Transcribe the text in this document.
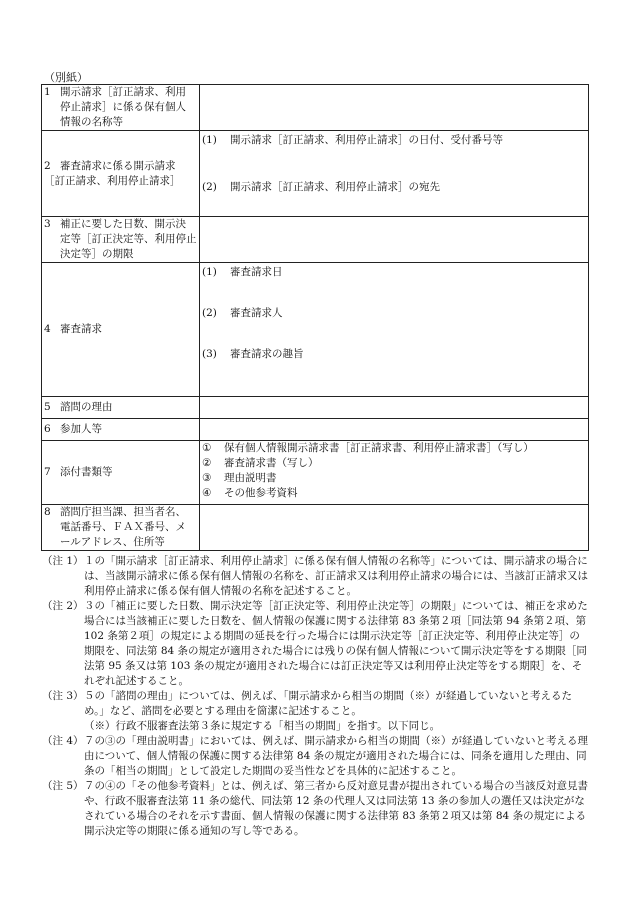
（別紙）
1 開示請求［訂正請求、利用
停止請求］に係る保有個人
情報の名称等	
2 審査請求に係る開示請求
［訂正請求、利用停止請求］	(1) 開示請求［訂正請求、利用停止請求］の日付、受付番号等
(2) 開示請求［訂正請求、利用停止請求］の宛先

3 補正に要した日数、開示決
定等［訂正決定等、利用停止
決定等］の期限	
4 審査請求	(1) 審査請求日
(2) 審査請求人
(3) 審査請求の趣旨

5 諮問の理由	
6 参加人等	
7 添付書類等	① 保有個人情報開示請求書［訂正請求書、利用停止請求書］（写し）
② 審査請求書（写し）
③ 理由説明書
④ その他参考資料

8 諮問庁担当課、担当者名、
電話番号、ＦＡＸ番号、メ
ールアドレス、住所等	
（注 1） １の「開示請求［訂正請求、利用停止請求］に係る保有個人情報の名称等」については、開示請求の場合には、当該開示請求に係る保有個人情報の名称を、訂正請求又は利用停止請求の場合には、当該訂正請求又は利用停止請求に係る保有個人情報の名称を記述すること。

（注 2） ３の「補正に要した日数、開示決定等［訂正決定等、利用停止決定等］の期限」については、補正を求めた場合には当該補正に要した日数を、個人情報の保護に関する法律第 83 条第２項［同法第 94 条第２項、第 102 条第２項］の規定による期間の延長を行った場合には開示決定等［訂正決定等、利用停止決定等］の期限を、同法第 84 条の規定が適用された場合には残りの保有個人情報について開示決定等をする期限［同法第 95 条又は第 103 条の規定が適用された場合には訂正決定等又は利用停止決定等をする期限］を、それぞれ記述すること。

（注 3） ５の「諮問の理由」については、例えば、「開示請求から相当の期間（※）が経過していないと考えるため。」など、諮問を必要とする理由を箇潔に記述すること。

（※）行政不服審査法第３条に規定する「相当の期間」を指す。以下同じ。

（注 4） ７の③の「理由説明書」においては、例えば、開示請求から相当の期間（※）が経過していないと考える理由について、個人情報の保護に関する法律第 84 条の規定が適用された場合には、同条を適用した理由、同条の「相当の期間」として設定した期間の妥当性などを具体的に記述すること。

（注 5） ７の④の「その他参考資料」とは、例えば、第三者から反対意見書が提出されている場合の当該反対意見書や、行政不服審査法第 11 条の総代、同法第 12 条の代理人又は同法第 13 条の参加人の選任又は決定がなされている場合のそれを示す書面、個人情報の保護に関する法律第 83 条第２項又は第 84 条の規定による開示決定等の期限に係る通知の写し等である。
